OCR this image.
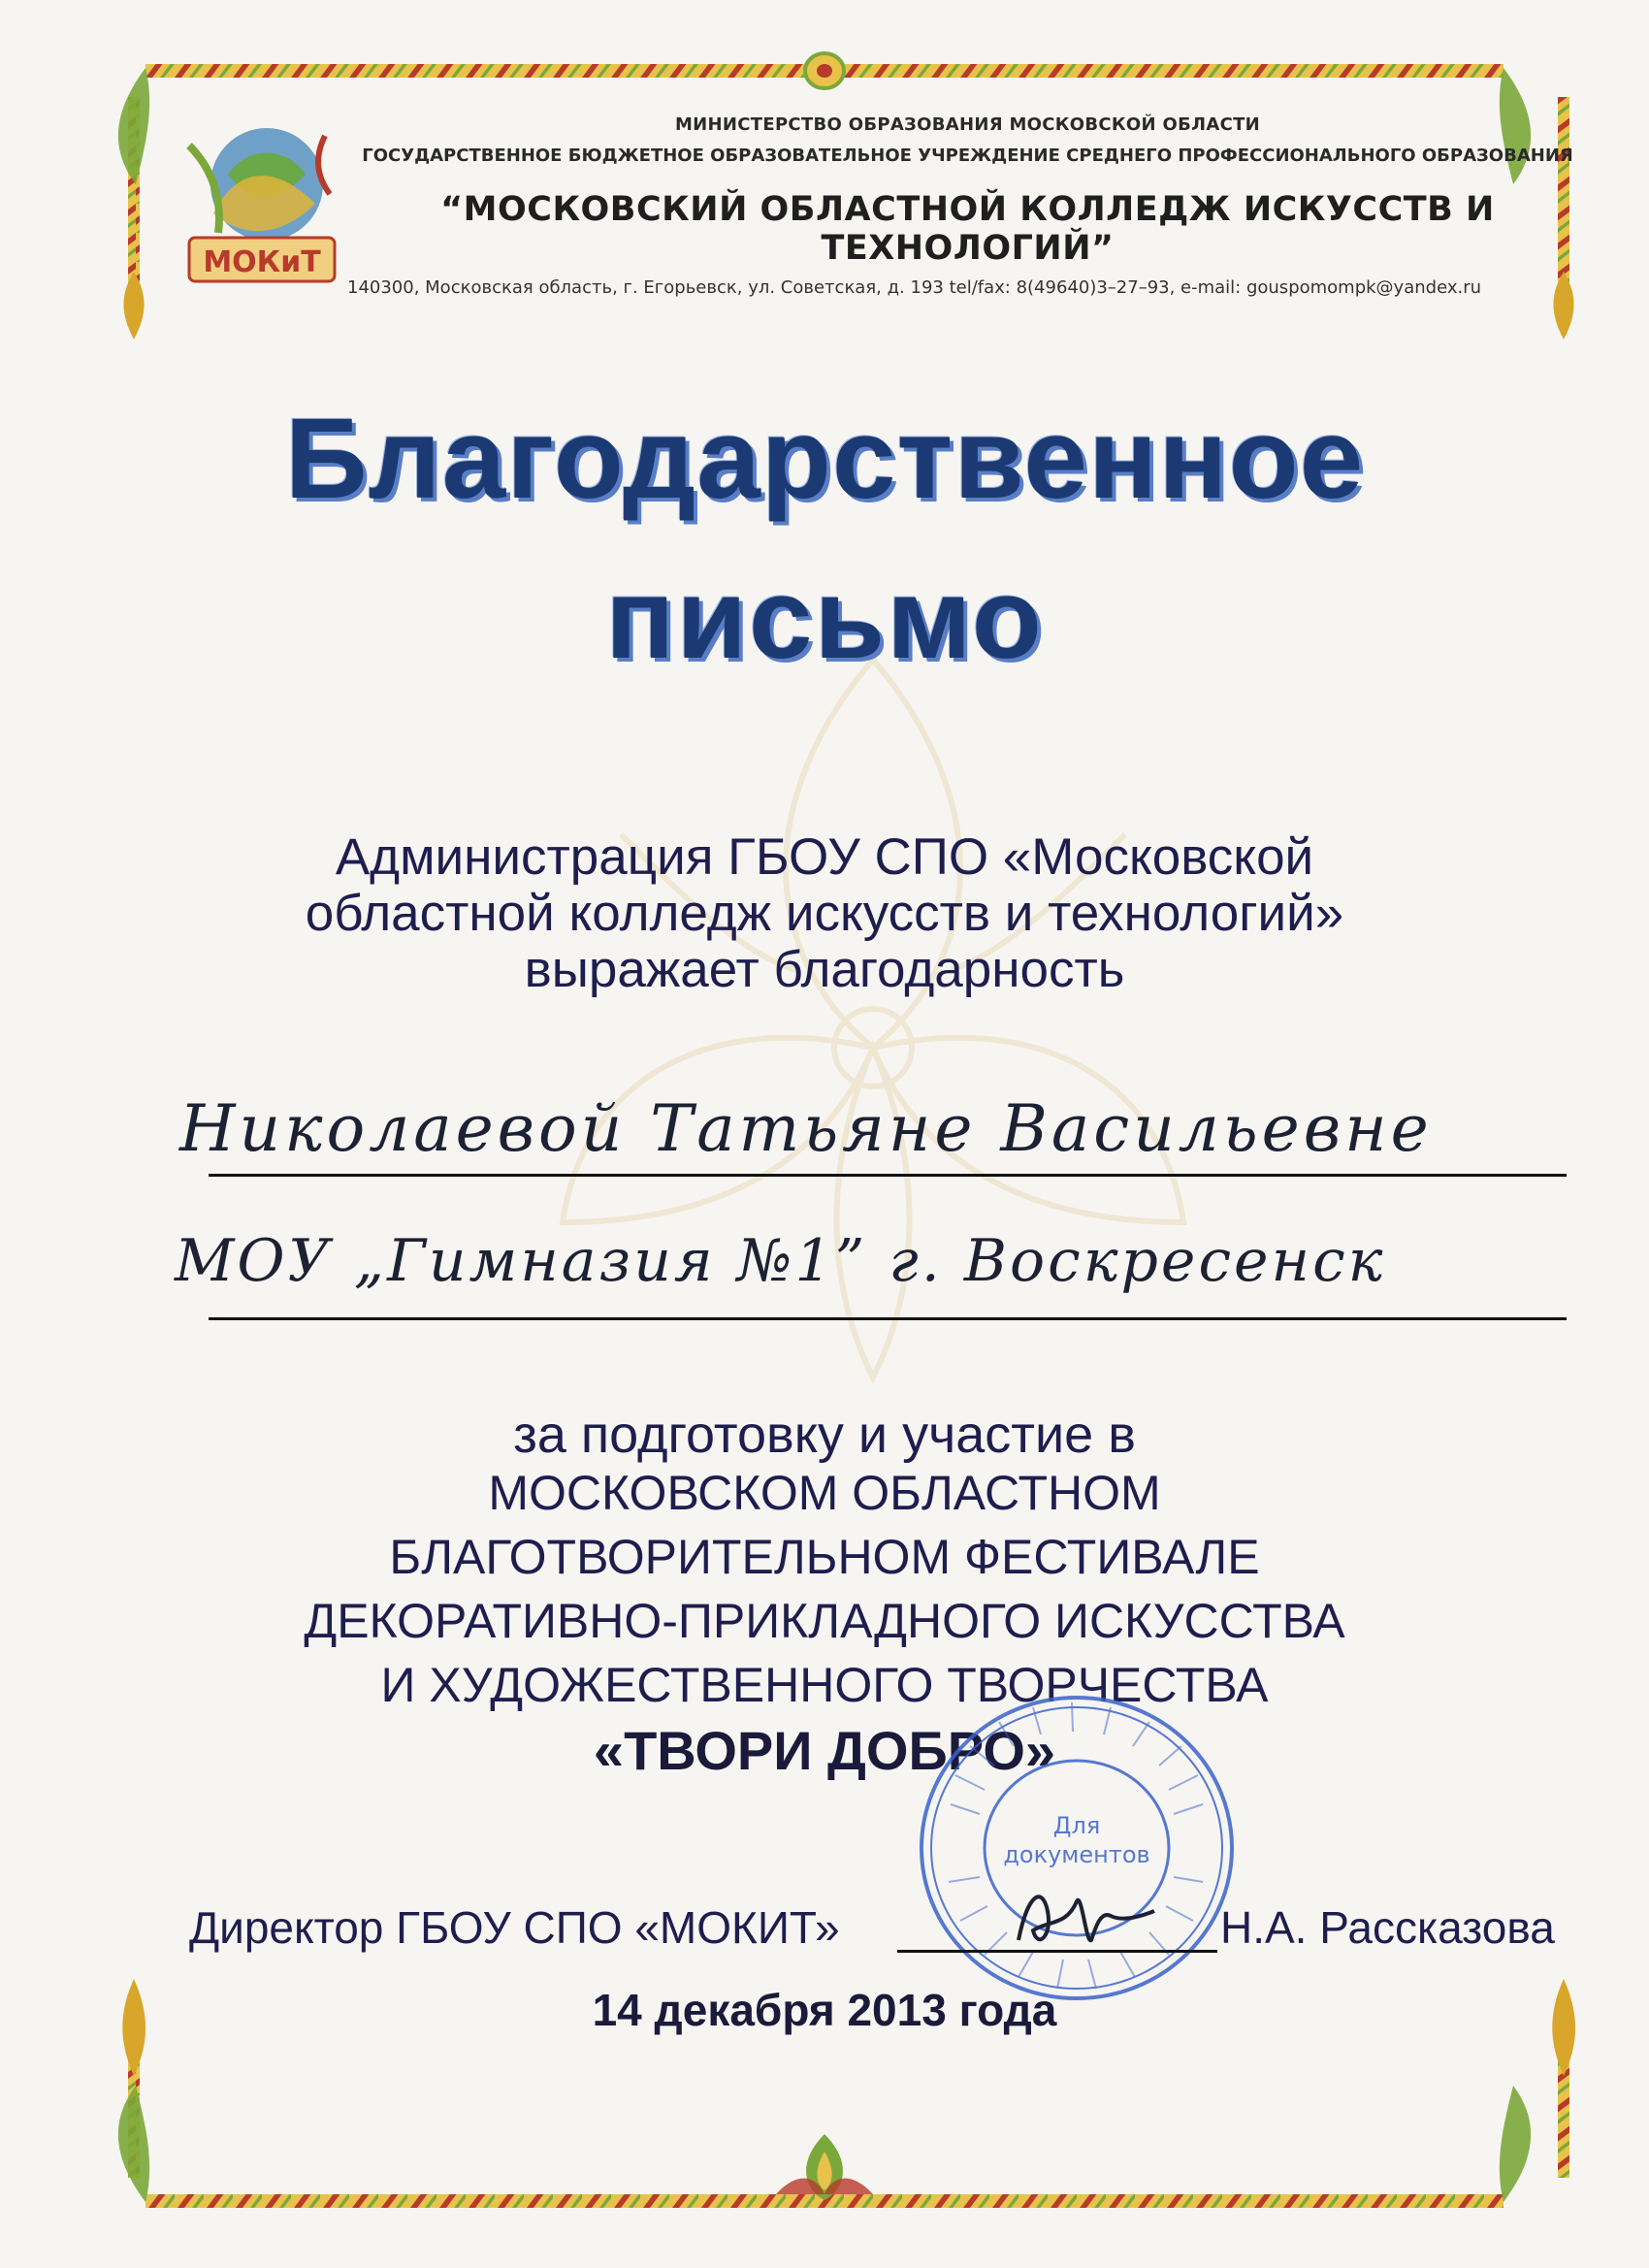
МОКиТ
МИНИСТЕРСТВО ОБРАЗОВАНИЯ МОСКОВСКОЙ ОБЛАСТИ
ГОСУДАРСТВЕННОЕ БЮДЖЕТНОЕ ОБРАЗОВАТЕЛЬНОЕ УЧРЕЖДЕНИЕ СРЕДНЕГО ПРОФЕССИОНАЛЬНОГО ОБРАЗОВАНИЯ
“МОСКОВСКИЙ ОБЛАСТНОЙ КОЛЛЕДЖ ИСКУССТВ И ТЕХНОЛОГИЙ”
140300, Московская область, г. Егорьевск, ул. Советская, д. 193 tel/fax: 8(49640)3–27–93, e-mail: gouspomompk@yandex.ru
Благодарственное
письмо
Администрация ГБОУ СПО «Московской
областной колледж искусств и технологий»
выражает благодарность
Николаевой Татьяне Васильевне
МОУ „Гимназия №1” г. Воскресенск
за подготовку и участие в
МОСКОВСКОМ ОБЛАСТНОМ
БЛАГОТВОРИТЕЛЬНОМ ФЕСТИВАЛЕ
ДЕКОРАТИВНО-ПРИКЛАДНОГО ИСКУССТВА
И ХУДОЖЕСТВЕННОГО ТВОРЧЕСТВА
«ТВОРИ ДОБРО»
Для
документов
Директор ГБОУ СПО «МОКИТ»	Н.А. Рассказова
14 декабря 2013 года
